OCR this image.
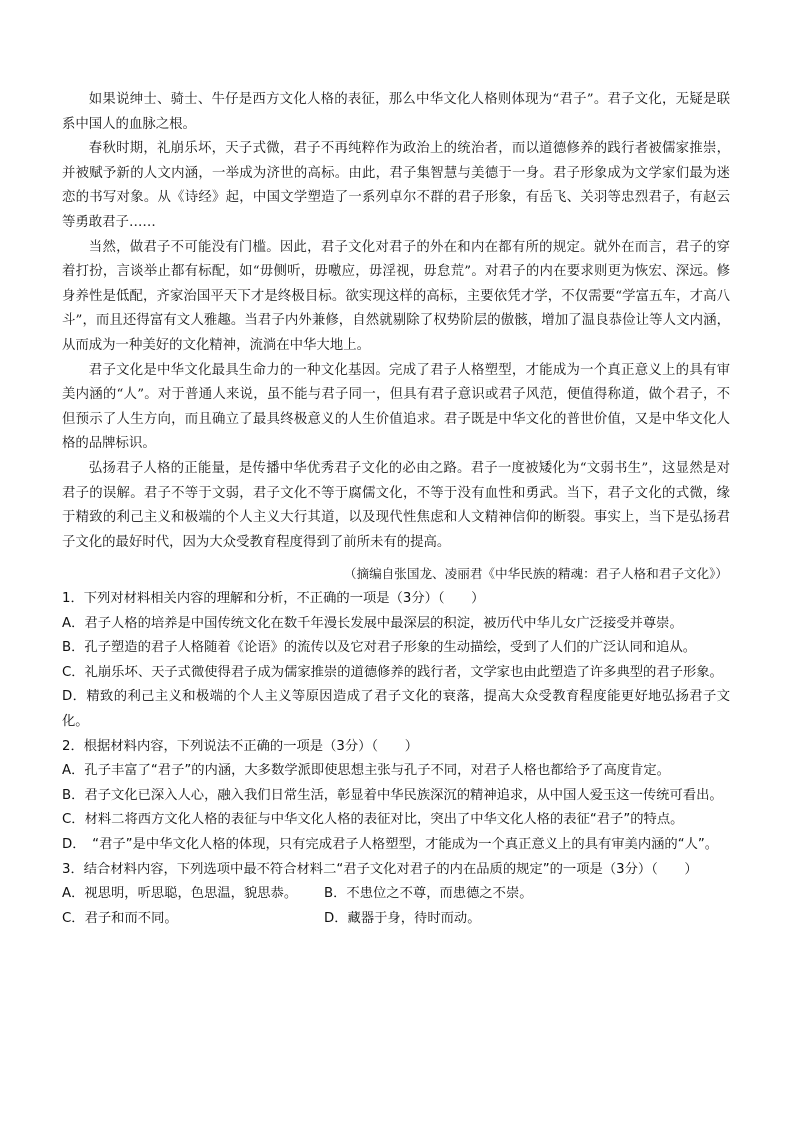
如果说绅士、骑士、牛仔是西方文化人格的表征，那么中华文化人格则体现为“君子”。君子文化，无疑是联系中国人的血脉之根。

春秋时期，礼崩乐坏，天子式微，君子不再纯粹作为政治上的统治者，而以道德修养的践行者被儒家推崇，并被赋予新的人文内涵，一举成为济世的高标。由此，君子集智慧与美德于一身。君子形象成为文学家们最为迷恋的书写对象。从《诗经》起，中国文学塑造了一系列卓尔不群的君子形象，有岳飞、关羽等忠烈君子，有赵云等勇敢君子……

当然，做君子不可能没有门槛。因此，君子文化对君子的外在和内在都有所的规定。就外在而言，君子的穿着打扮，言谈举止都有标配，如“毋侧听，毋噭应，毋淫视，毋怠荒”。对君子的内在要求则更为恢宏、深远。修身养性是低配，齐家治国平天下才是终极目标。欲实现这样的高标，主要依凭才学，不仅需要“学富五车，才高八斗”，而且还得富有文人雅趣。当君子内外兼修，自然就剔除了权势阶层的傲骸，增加了温良恭俭让等人文内涵，从而成为一种美好的文化精神，流淌在中华大地上。

君子文化是中华文化最具生命力的一种文化基因。完成了君子人格塑型，才能成为一个真正意义上的具有审美内涵的“人”。对于普通人来说，虽不能与君子同一，但具有君子意识或君子风范，便值得称道，做个君子，不但预示了人生方向，而且确立了最具终极意义的人生价值追求。君子既是中华文化的普世价值，又是中华文化人格的品牌标识。

弘扬君子人格的正能量，是传播中华优秀君子文化的必由之路。君子一度被矮化为“文弱书生”，这显然是对君子的误解。君子不等于文弱，君子文化不等于腐儒文化，不等于没有血性和勇武。当下，君子文化的式微，缘于精致的利己主义和极端的个人主义大行其道，以及现代性焦虑和人文精神信仰的断裂。事实上，当下是弘扬君子文化的最好时代，因为大众受教育程度得到了前所未有的提高。

（摘编自张国龙、凌丽君《中华民族的精魂：君子人格和君子文化》）

1．下列对材料相关内容的理解和分析，不正确的一项是（3分）（　　）

A．君子人格的培养是中国传统文化在数千年漫长发展中最深层的积淀，被历代中华儿女广泛接受并尊崇。

B．孔子塑造的君子人格随着《论语》的流传以及它对君子形象的生动描绘，受到了人们的广泛认同和追从。

C．礼崩乐坏、天子式微使得君子成为儒家推崇的道德修养的践行者，文学家也由此塑造了许多典型的君子形象。

D．精致的利己主义和极端的个人主义等原因造成了君子文化的衰落，提高大众受教育程度能更好地弘扬君子文化。

2．根据材料内容，下列说法不正确的一项是（3分）（　　）

A．孔子丰富了“君子”的内涵，大多数学派即使思想主张与孔子不同，对君子人格也都给予了高度肯定。

B．君子文化已深入人心，融入我们日常生活，彰显着中华民族深沉的精神追求，从中国人爱玉这一传统可看出。

C．材料二将西方文化人格的表征与中华文化人格的表征对比，突出了中华文化人格的表征“君子”的特点。

D．　“君子”是中华文化人格的体现，只有完成君子人格塑型，才能成为一个真正意义上的具有审美内涵的“人”。

3．结合材料内容，下列选项中最不符合材料二“君子文化对君子的内在品质的规定”的一项是（3分）（　　）

A．视思明，听思聪，色思温，貌思恭。	B．不患位之不尊，而患德之不崇。
C．君子和而不同。	D．藏器于身，待时而动。
